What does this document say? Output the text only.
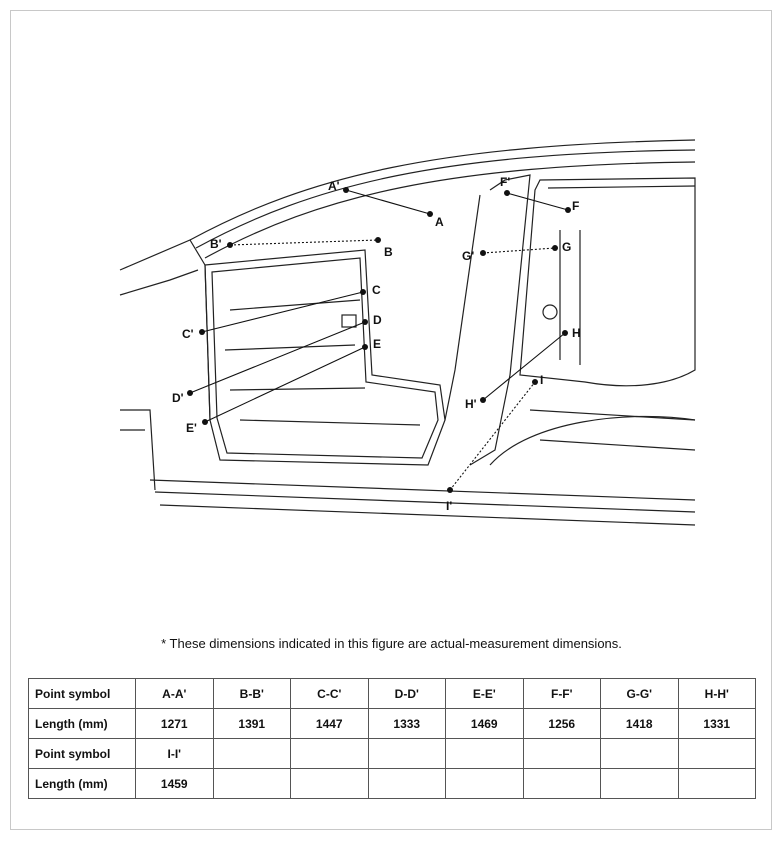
A
A'
B
B'
C
C'
D
D'
E
E'
F
F'
G
G'
H
H'
I
I'
* These dimensions indicated in this figure are actual-measurement dimensions.
Point symbol	A-A'	B-B'	C-C'	D-D'	E-E'	F-F'	G-G'	H-H'
Length (mm)	1271	1391	1447	1333	1469	1256	1418	1331
Point symbol	I-I'							
Length (mm)	1459							
